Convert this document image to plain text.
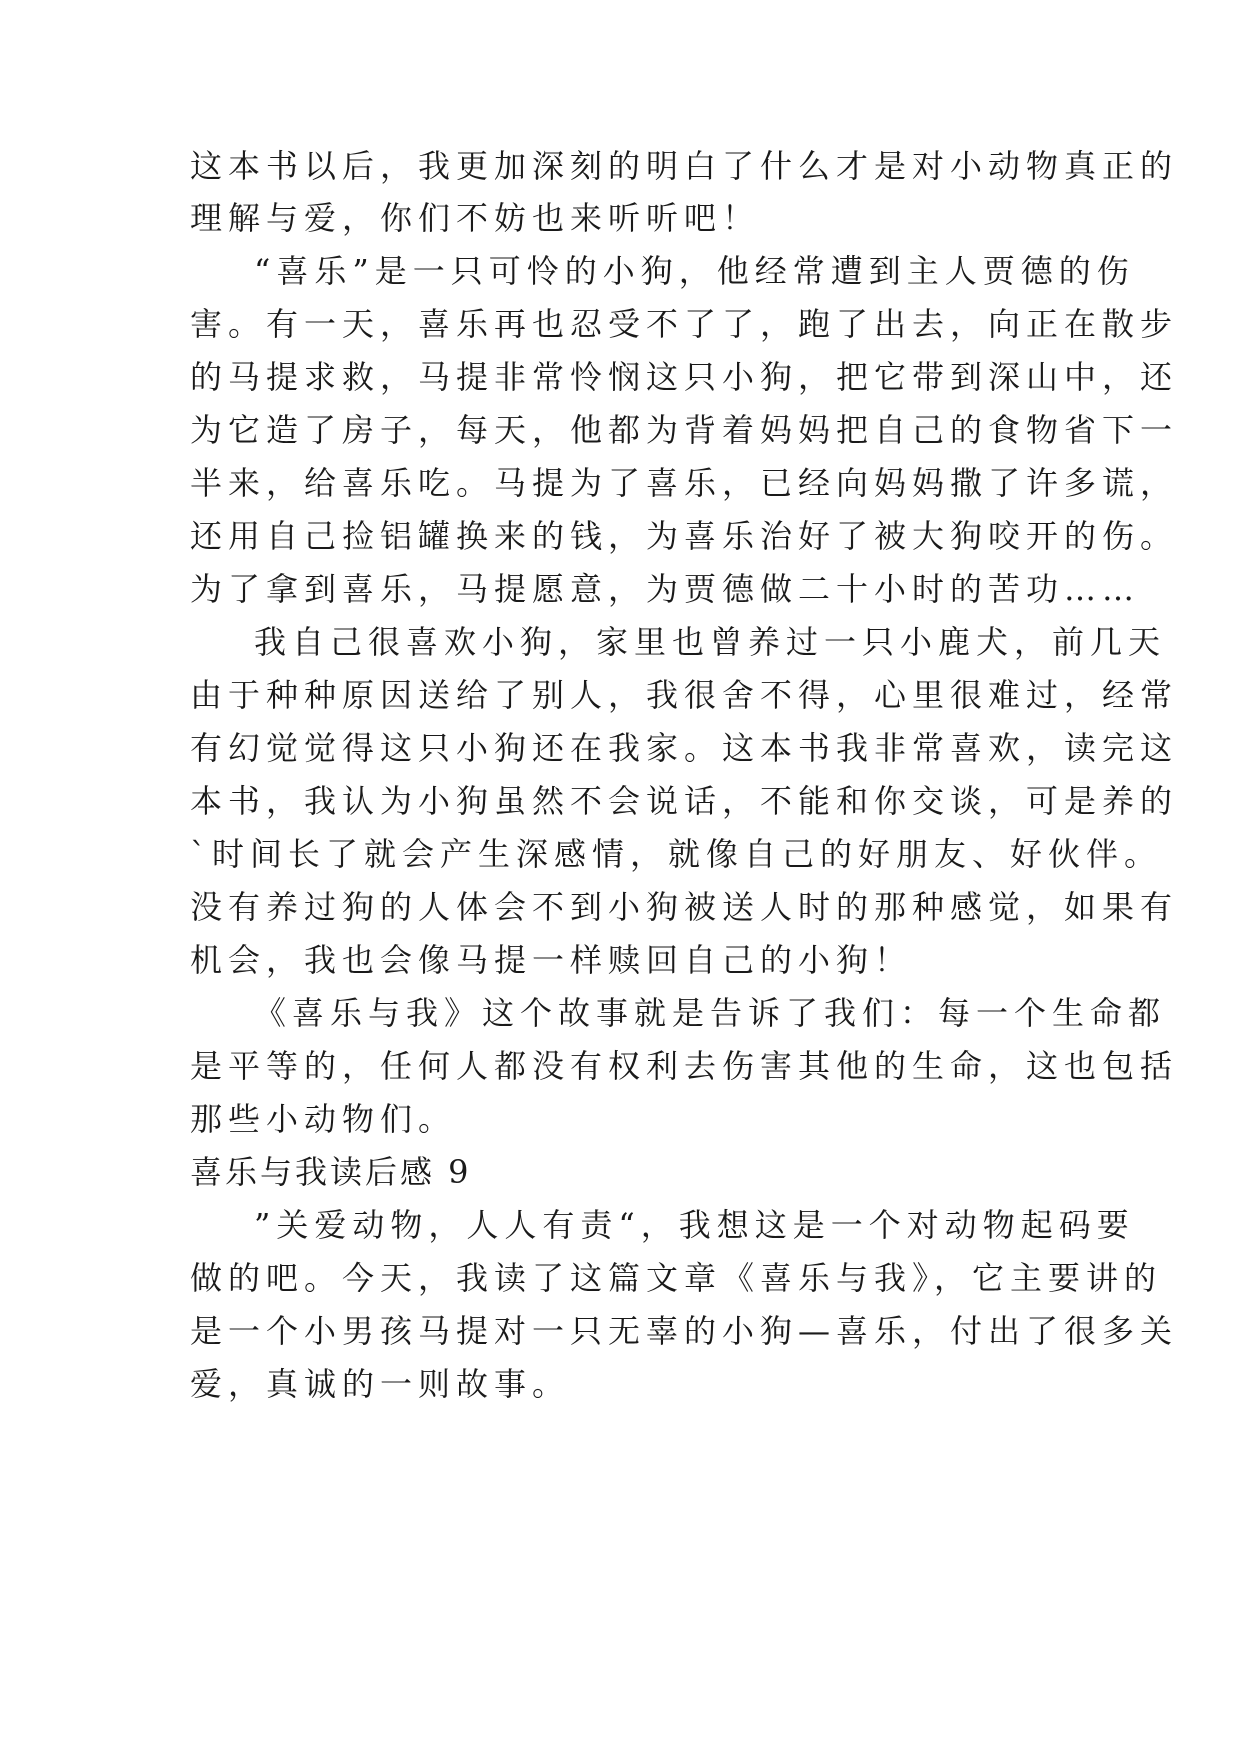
这本书以后，我更加深刻的明白了什么才是对小动物真正的
理解与爱，你们不妨也来听听吧！
“喜乐”是一只可怜的小狗，他经常遭到主人贾德的伤
害。有一天，喜乐再也忍受不了了，跑了出去，向正在散步
的马提求救，马提非常怜悯这只小狗，把它带到深山中，还
为它造了房子，每天，他都为背着妈妈把自己的食物省下一
半来，给喜乐吃。马提为了喜乐，已经向妈妈撒了许多谎，
还用自己捡铝罐换来的钱，为喜乐治好了被大狗咬开的伤。
为了拿到喜乐，马提愿意，为贾德做二十小时的苦功……
我自己很喜欢小狗，家里也曾养过一只小鹿犬，前几天
由于种种原因送给了别人，我很舍不得，心里很难过，经常
有幻觉觉得这只小狗还在我家。这本书我非常喜欢，读完这
本书，我认为小狗虽然不会说话，不能和你交谈，可是养的
`时间长了就会产生深感情，就像自己的好朋友、好伙伴。
没有养过狗的人体会不到小狗被送人时的那种感觉，如果有
机会，我也会像马提一样赎回自己的小狗！
《喜乐与我》这个故事就是告诉了我们：每一个生命都
是平等的，任何人都没有权利去伤害其他的生命，这也包括
那些小动物们。
喜乐与我读后感 9
”关爱动物，人人有责“，我想这是一个对动物起码要
做的吧。今天，我读了这篇文章《喜乐与我》，它主要讲的
是一个小男孩马提对一只无辜的小狗—喜乐，付出了很多关
爱，真诚的一则故事。
